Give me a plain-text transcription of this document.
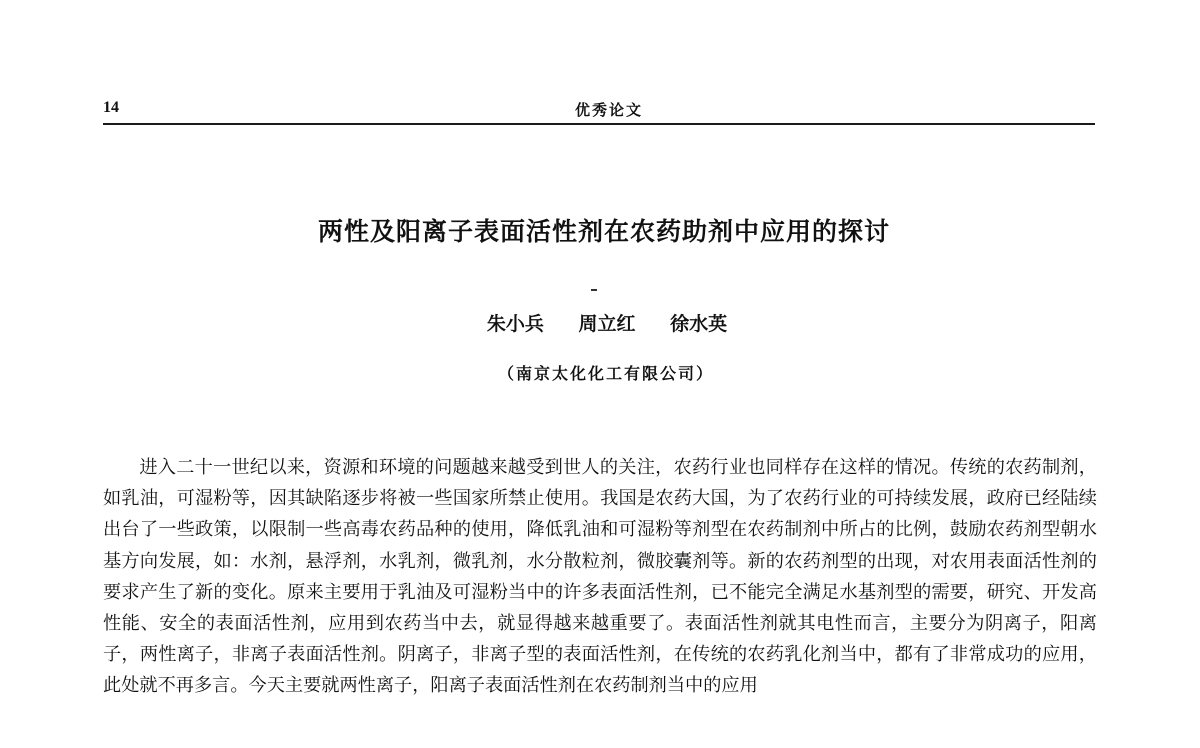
14	优秀论文
两性及阳离子表面活性剂在农药助剂中应用的探讨
朱小兵 周立红 徐水英
（南京太化化工有限公司）

进入二十一世纪以来，资源和环境的问题越来越受到世人的关注，农药行业也同样存在这样的情况。传统的农药制剂，如乳油，可湿粉等，因其缺陷逐步将被一些国家所禁止使用。我国是农药大国，为了农药行业的可持续发展，政府已经陆续出台了一些政策，以限制一些高毒农药品种的使用，降低乳油和可湿粉等剂型在农药制剂中所占的比例，鼓励农药剂型朝水基方向发展，如：水剂，悬浮剂，水乳剂，微乳剂，水分散粒剂，微胶囊剂等。新的农药剂型的出现，对农用表面活性剂的要求产生了新的变化。原来主要用于乳油及可湿粉当中的许多表面活性剂，已不能完全满足水基剂型的需要，研究、开发高性能、安全的表面活性剂，应用到农药当中去，就显得越来越重要了。表面活性剂就其电性而言，主要分为阴离子，阳离子，两性离子，非离子表面活性剂。阴离子，非离子型的表面活性剂，在传统的农药乳化剂当中，都有了非常成功的应用，此处就不再多言。今天主要就两性离子，阳离子表面活性剂在农药制剂当中的应用
